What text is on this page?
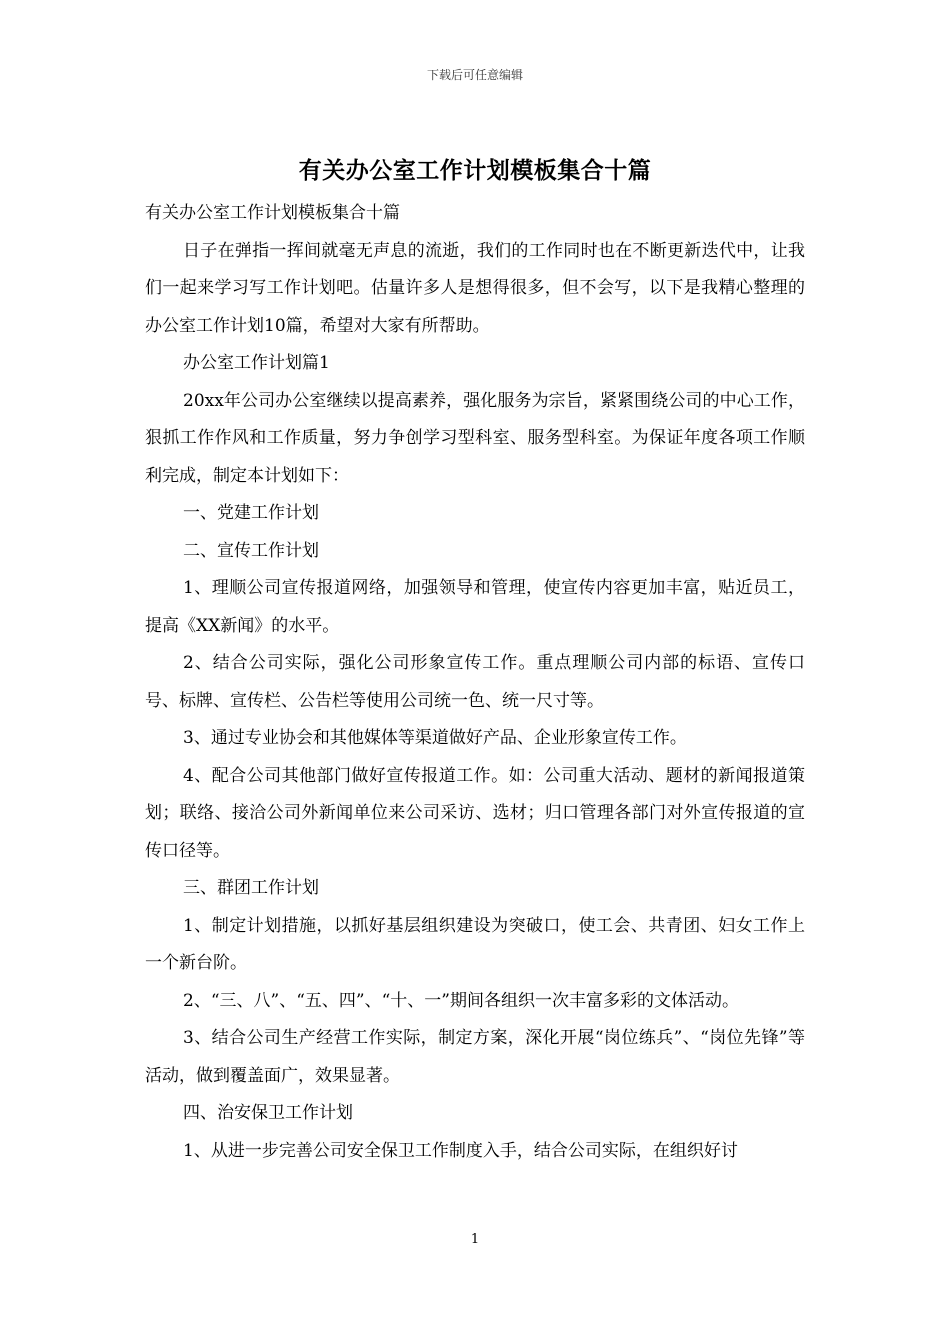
下载后可任意编辑
有关办公室工作计划模板集合十篇

有关办公室工作计划模板集合十篇

日子在弹指一挥间就毫无声息的流逝，我们的工作同时也在不断更新迭代中，让我们一起来学习写工作计划吧。估量许多人是想得很多，但不会写，以下是我精心整理的办公室工作计划10篇，希望对大家有所帮助。

办公室工作计划篇1

20xx年公司办公室继续以提高素养，强化服务为宗旨，紧紧围绕公司的中心工作，狠抓工作作风和工作质量，努力争创学习型科室、服务型科室。为保证年度各项工作顺利完成，制定本计划如下：

一、党建工作计划

二、宣传工作计划

1、理顺公司宣传报道网络，加强领导和管理，使宣传内容更加丰富，贴近员工，提高《XX新闻》的水平。

2、结合公司实际，强化公司形象宣传工作。重点理顺公司内部的标语、宣传口号、标牌、宣传栏、公告栏等使用公司统一色、统一尺寸等。

3、通过专业协会和其他媒体等渠道做好产品、企业形象宣传工作。

4、配合公司其他部门做好宣传报道工作。如：公司重大活动、题材的新闻报道策划；联络、接洽公司外新闻单位来公司采访、选材；归口管理各部门对外宣传报道的宣传口径等。

三、群团工作计划

1、制定计划措施，以抓好基层组织建设为突破口，使工会、共青团、妇女工作上一个新台阶。

2、“三、八”、“五、四”、“十、一”期间各组织一次丰富多彩的文体活动。

3、结合公司生产经营工作实际，制定方案，深化开展“岗位练兵”、“岗位先锋”等活动，做到覆盖面广，效果显著。

四、治安保卫工作计划

1、从进一步完善公司安全保卫工作制度入手，结合公司实际，在组织好讨

1
